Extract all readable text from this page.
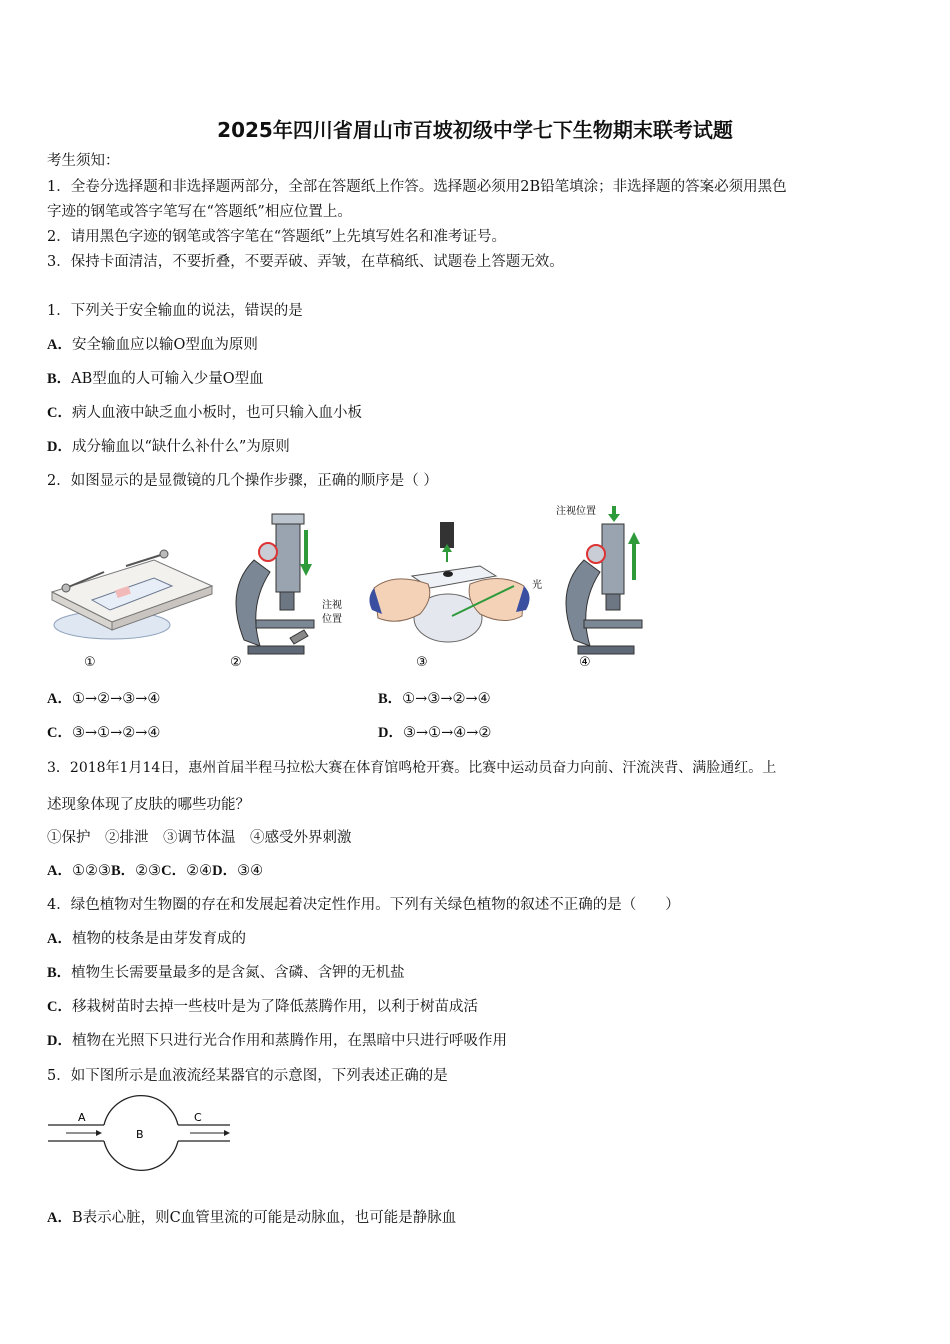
2025年四川省眉山市百坡初级中学七下生物期末联考试题
考生须知：
1．全卷分选择题和非选择题两部分，全部在答题纸上作答。选择题必须用2B铅笔填涂；非选择题的答案必须用黑色
字迹的钢笔或答字笔写在“答题纸”相应位置上。
2．请用黑色字迹的钢笔或答字笔在“答题纸”上先填写姓名和准考证号。
3．保持卡面清洁，不要折叠，不要弄破、弄皱，在草稿纸、试题卷上答题无效。
1．下列关于安全输血的说法，错误的是
A．安全输血应以输O型血为原则
B．AB型血的人可输入少量O型血
C．病人血液中缺乏血小板时，也可只输入血小板
D．成分输血以“缺什么补什么”为原则
2．如图显示的是显微镜的几个操作步骤，正确的顺序是（ ）
注视
位置
光
注视位置
①	②	③	④
A．①→②→③→④	B．①→③→②→④
C．③→①→②→④	D．③→①→④→②
3．2018年1月14日，惠州首届半程马拉松大赛在体育馆鸣枪开赛。比赛中运动员奋力向前、汗流浃背、满脸通红。上
述现象体现了皮肤的哪些功能？
①保护　②排泄　③调节体温　④感受外界刺激
A．①②③B．②③C．②④D．③④
4．绿色植物对生物圈的存在和发展起着决定性作用。下列有关绿色植物的叙述不正确的是（　　）
A．植物的枝条是由芽发育成的
B．植物生长需要量最多的是含氮、含磷、含钾的无机盐
C．移栽树苗时去掉一些枝叶是为了降低蒸腾作用，以利于树苗成活
D．植物在光照下只进行光合作用和蒸腾作用，在黑暗中只进行呼吸作用
5．如下图所示是血液流经某器官的示意图，下列表述正确的是
A
B
C
A．B表示心脏，则C血管里流的可能是动脉血，也可能是静脉血
